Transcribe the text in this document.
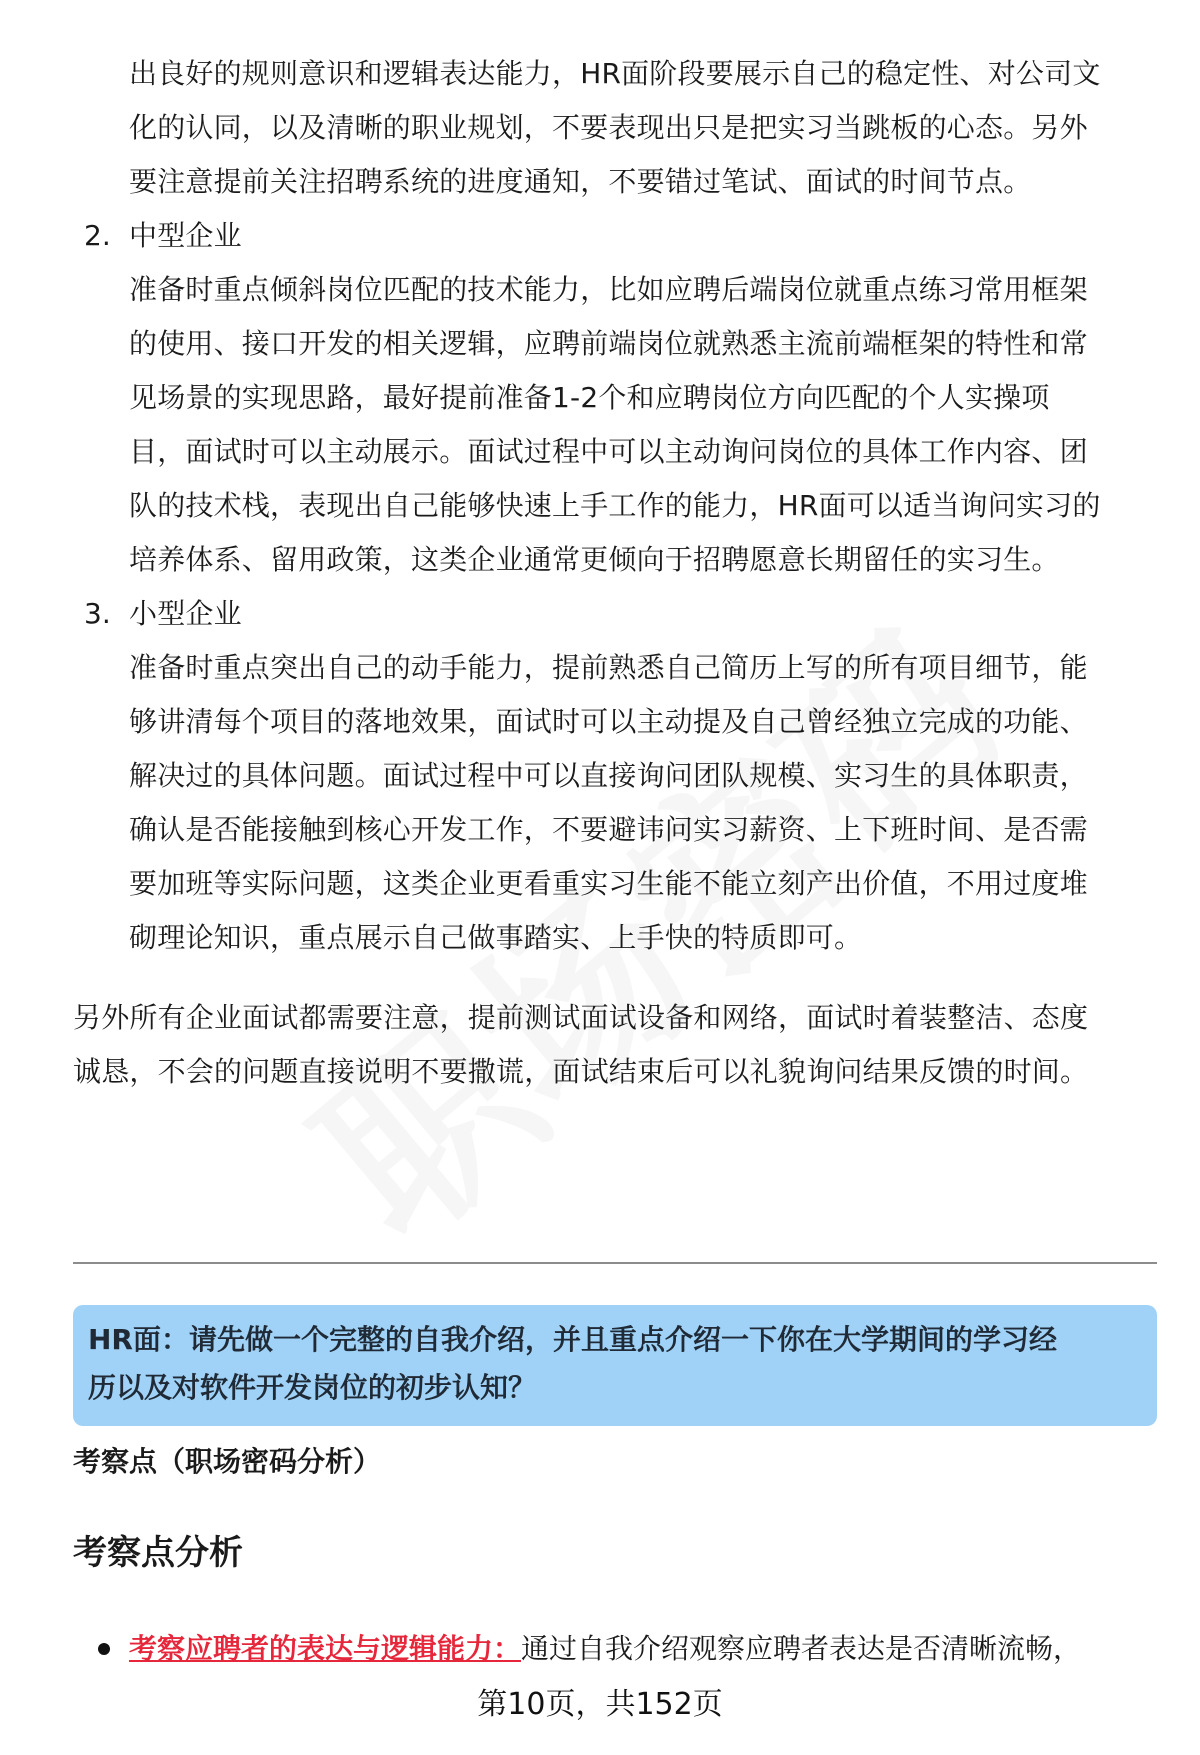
出良好的规则意识和逻辑表达能力，HR面阶段要展示自己的稳定性、对公司文
化的认同，以及清晰的职业规划，不要表现出只是把实习当跳板的心态。另外
要注意提前关注招聘系统的进度通知，不要错过笔试、面试的时间节点。
2. 中型企业
准备时重点倾斜岗位匹配的技术能力，比如应聘后端岗位就重点练习常用框架
的使用、接口开发的相关逻辑，应聘前端岗位就熟悉主流前端框架的特性和常
见场景的实现思路，最好提前准备1-2个和应聘岗位方向匹配的个人实操项
目，面试时可以主动展示。面试过程中可以主动询问岗位的具体工作内容、团
队的技术栈，表现出自己能够快速上手工作的能力，HR面可以适当询问实习的
培养体系、留用政策，这类企业通常更倾向于招聘愿意长期留任的实习生。
3. 小型企业
准备时重点突出自己的动手能力，提前熟悉自己简历上写的所有项目细节，能
够讲清每个项目的落地效果，面试时可以主动提及自己曾经独立完成的功能、
解决过的具体问题。面试过程中可以直接询问团队规模、实习生的具体职责，
确认是否能接触到核心开发工作，不要避讳问实习薪资、上下班时间、是否需
要加班等实际问题，这类企业更看重实习生能不能立刻产出价值，不用过度堆
砌理论知识，重点展示自己做事踏实、上手快的特质即可。
另外所有企业面试都需要注意，提前测试面试设备和网络，面试时着装整洁、态度
诚恳，不会的问题直接说明不要撒谎，面试结束后可以礼貌询问结果反馈的时间。
HR面：请先做一个完整的自我介绍，并且重点介绍一下你在大学期间的学习经
历以及对软件开发岗位的初步认知？
考察点（职场密码分析）
考察点分析
考察应聘者的表达与逻辑能力：通过自我介绍观察应聘者表达是否清晰流畅，
第10页，共152页
